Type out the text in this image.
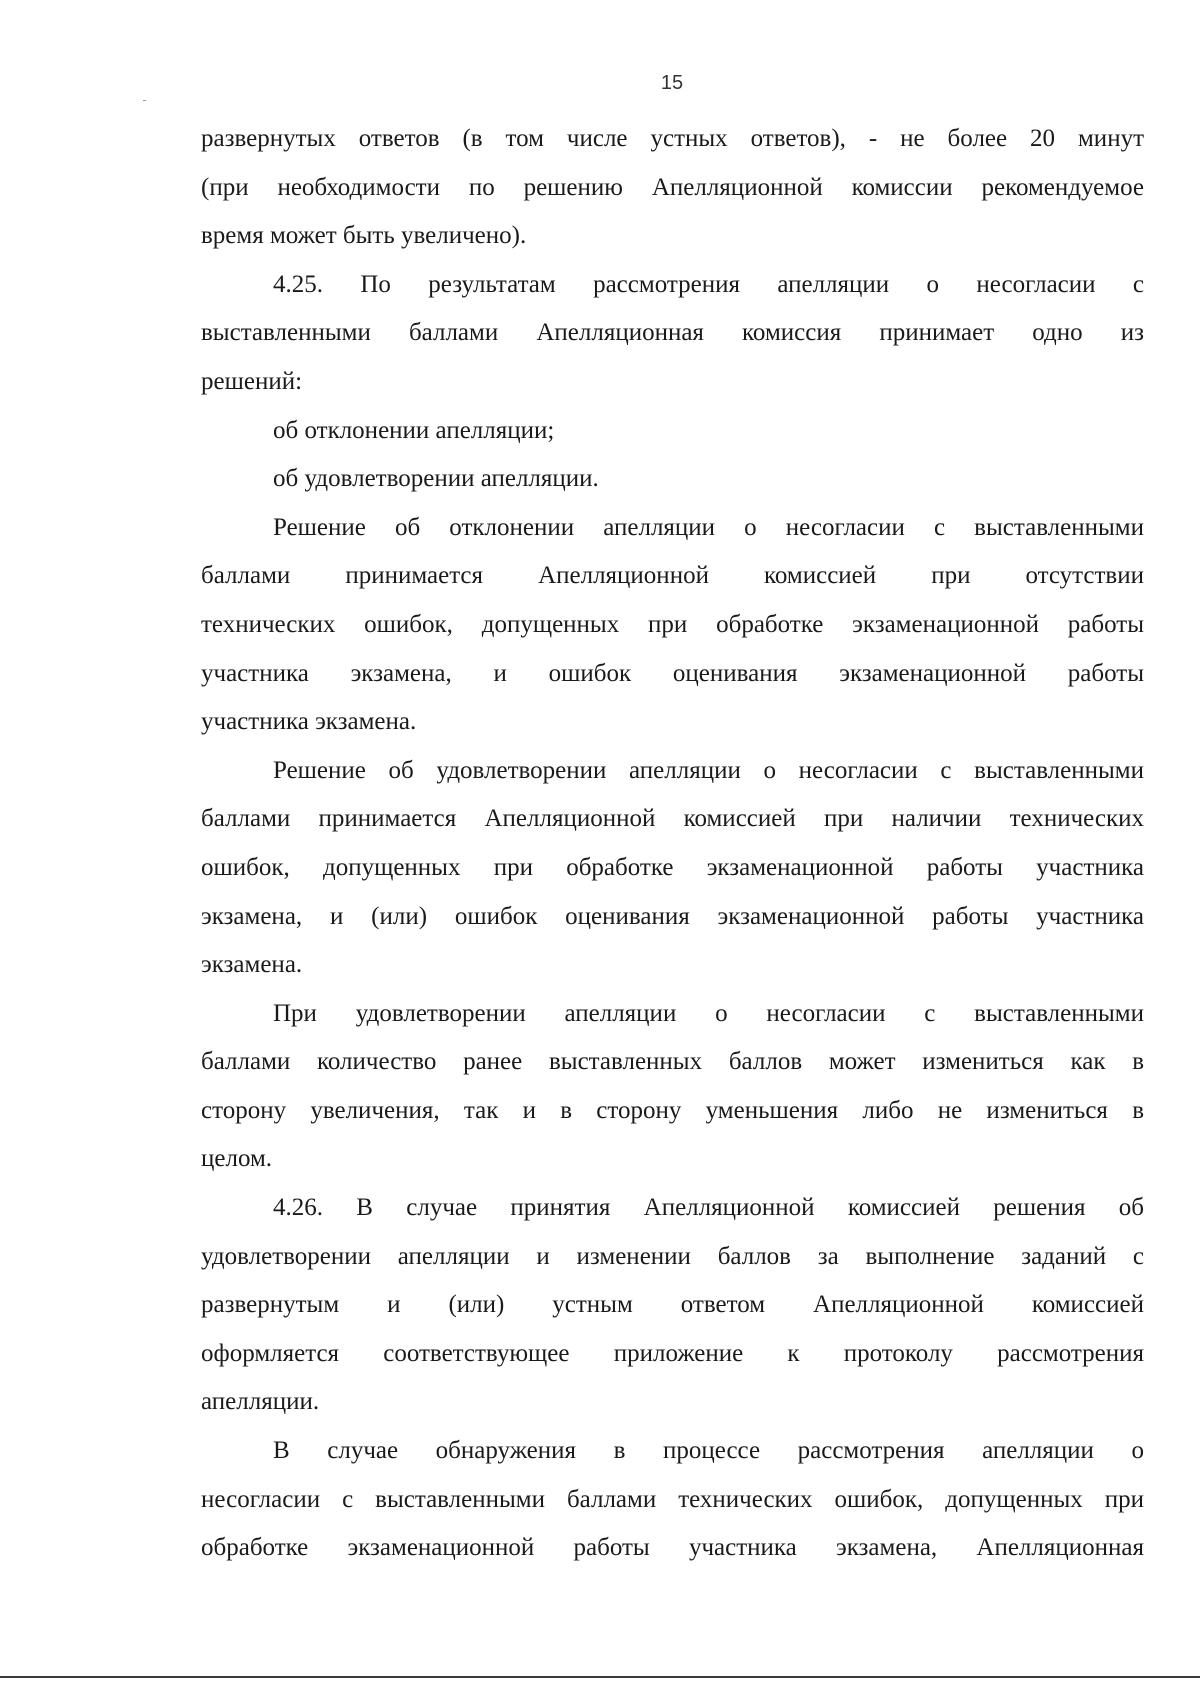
15
развернутых ответов (в том числе устных ответов), - не более 20 минут
(при необходимости по решению Апелляционной комиссии рекомендуемое
время может быть увеличено).
4.25. По результатам рассмотрения апелляции о несогласии с
выставленными баллами Апелляционная комиссия принимает одно из
решений:
об отклонении апелляции;
об удовлетворении апелляции.
Решение об отклонении апелляции о несогласии с выставленными
баллами принимается Апелляционной комиссией при отсутствии
технических ошибок, допущенных при обработке экзаменационной работы
участника экзамена, и ошибок оценивания экзаменационной работы
участника экзамена.
Решение об удовлетворении апелляции о несогласии с выставленными
баллами принимается Апелляционной комиссией при наличии технических
ошибок, допущенных при обработке экзаменационной работы участника
экзамена, и (или) ошибок оценивания экзаменационной работы участника
экзамена.
При удовлетворении апелляции о несогласии с выставленными
баллами количество ранее выставленных баллов может измениться как в
сторону увеличения, так и в сторону уменьшения либо не измениться в
целом.
4.26. В случае принятия Апелляционной комиссией решения об
удовлетворении апелляции и изменении баллов за выполнение заданий с
развернутым и (или) устным ответом Апелляционной комиссией
оформляется соответствующее приложение к протоколу рассмотрения
апелляции.
В случае обнаружения в процессе рассмотрения апелляции о
несогласии с выставленными баллами технических ошибок, допущенных при
обработке экзаменационной работы участника экзамена, Апелляционная
